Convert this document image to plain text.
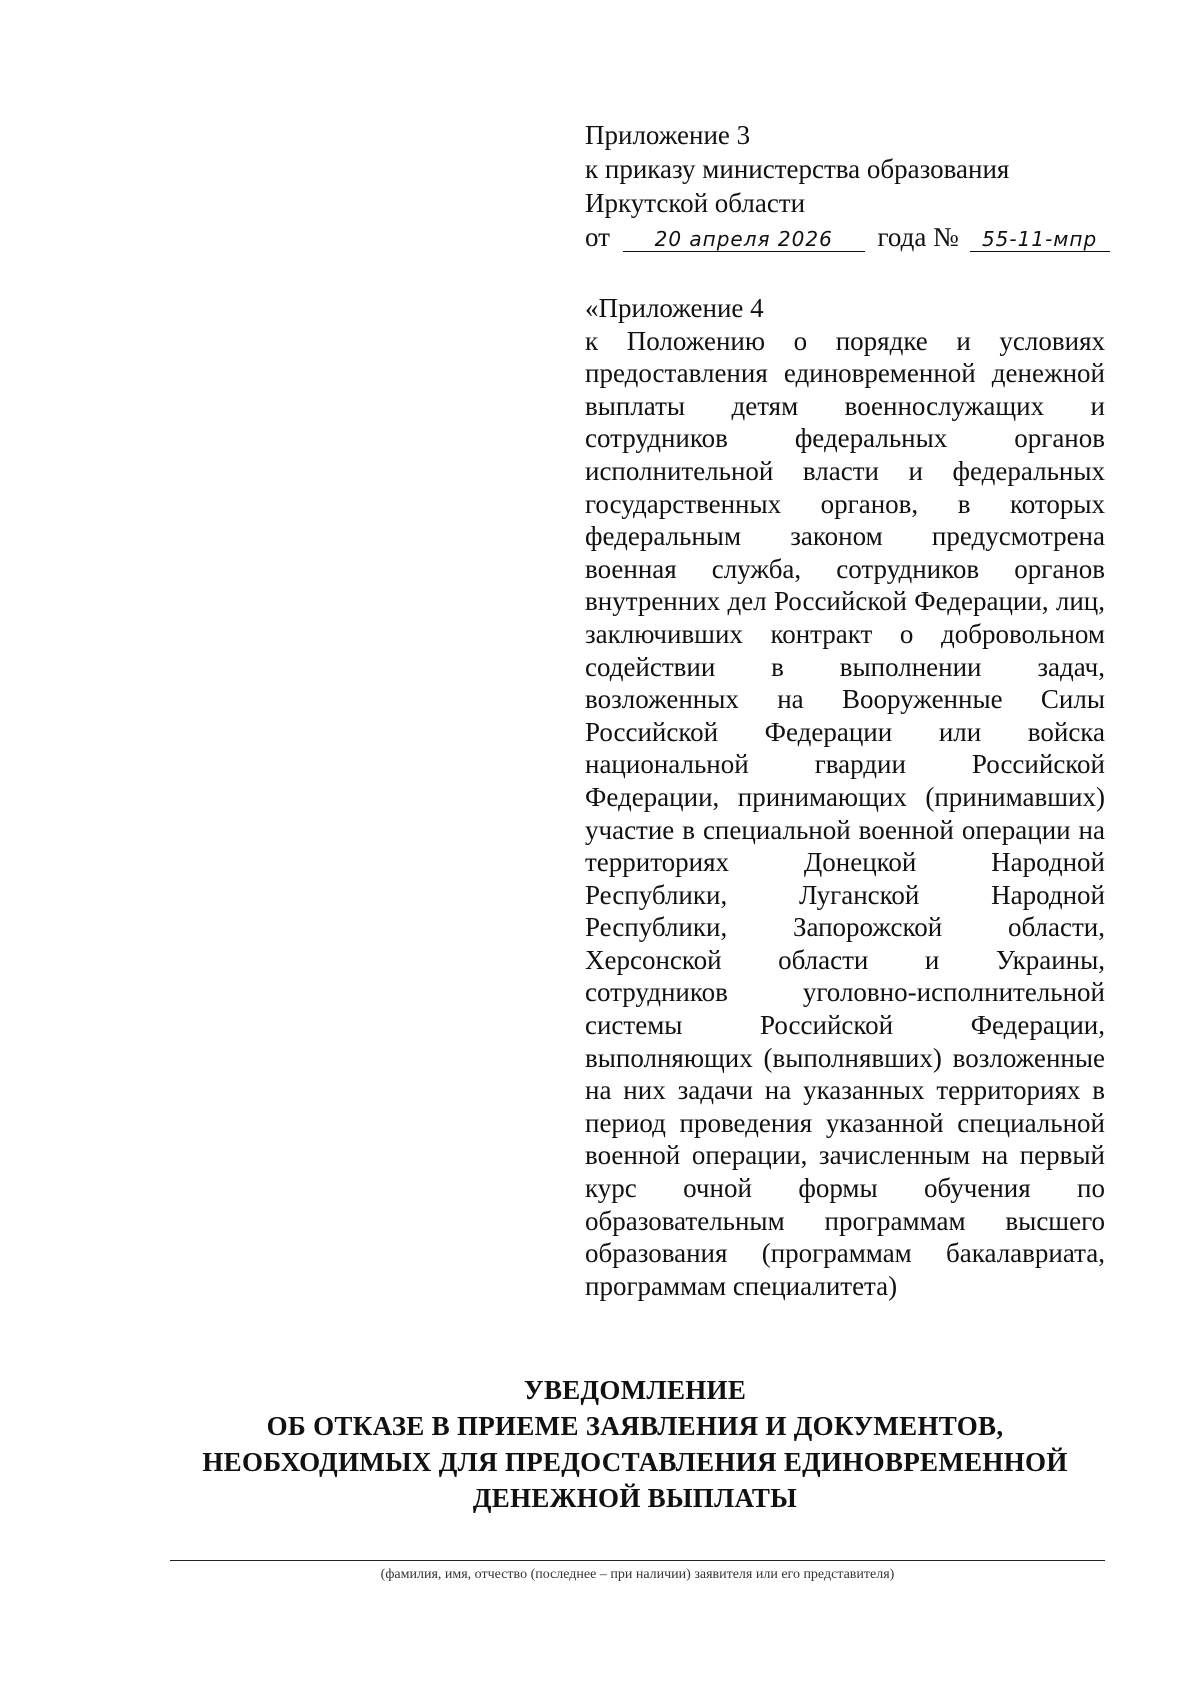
Приложение 3
к приказу министерства образования
Иркутской области
от 20 апреля 2026 года № 55-11-мпр
«Приложение 4

к Положению о порядке и условиях предоставления единовременной денежной выплаты детям военнослужащих и сотрудников федеральных органов исполнительной власти и федеральных государственных органов, в которых федеральным законом предусмотрена военная служба, сотрудников органов внутренних дел Российской Федерации, лиц, заключивших контракт о добровольном содействии в выполнении задач, возложенных на Вооруженные Силы Российской Федерации или войска национальной гвардии Российской Федерации, принимающих (принимавших) участие в специальной военной операции на территориях Донецкой Народной Республики, Луганской Народной Республики, Запорожской области, Херсонской области и Украины, сотрудников уголовно-исполнительной системы Российской Федерации, выполняющих (выполнявших) возложенные на них задачи на указанных территориях в период проведения указанной специальной военной операции, зачисленным на первый курс очной формы обучения по образовательным программам высшего образования (программам бакалавриата, программам специалитета)

УВЕДОМЛЕНИЕ
ОБ ОТКАЗЕ В ПРИЕМЕ ЗАЯВЛЕНИЯ И ДОКУМЕНТОВ,
НЕОБХОДИМЫХ ДЛЯ ПРЕДОСТАВЛЕНИЯ ЕДИНОВРЕМЕННОЙ
ДЕНЕЖНОЙ ВЫПЛАТЫ
(фамилия, имя, отчество (последнее – при наличии) заявителя или его представителя)
